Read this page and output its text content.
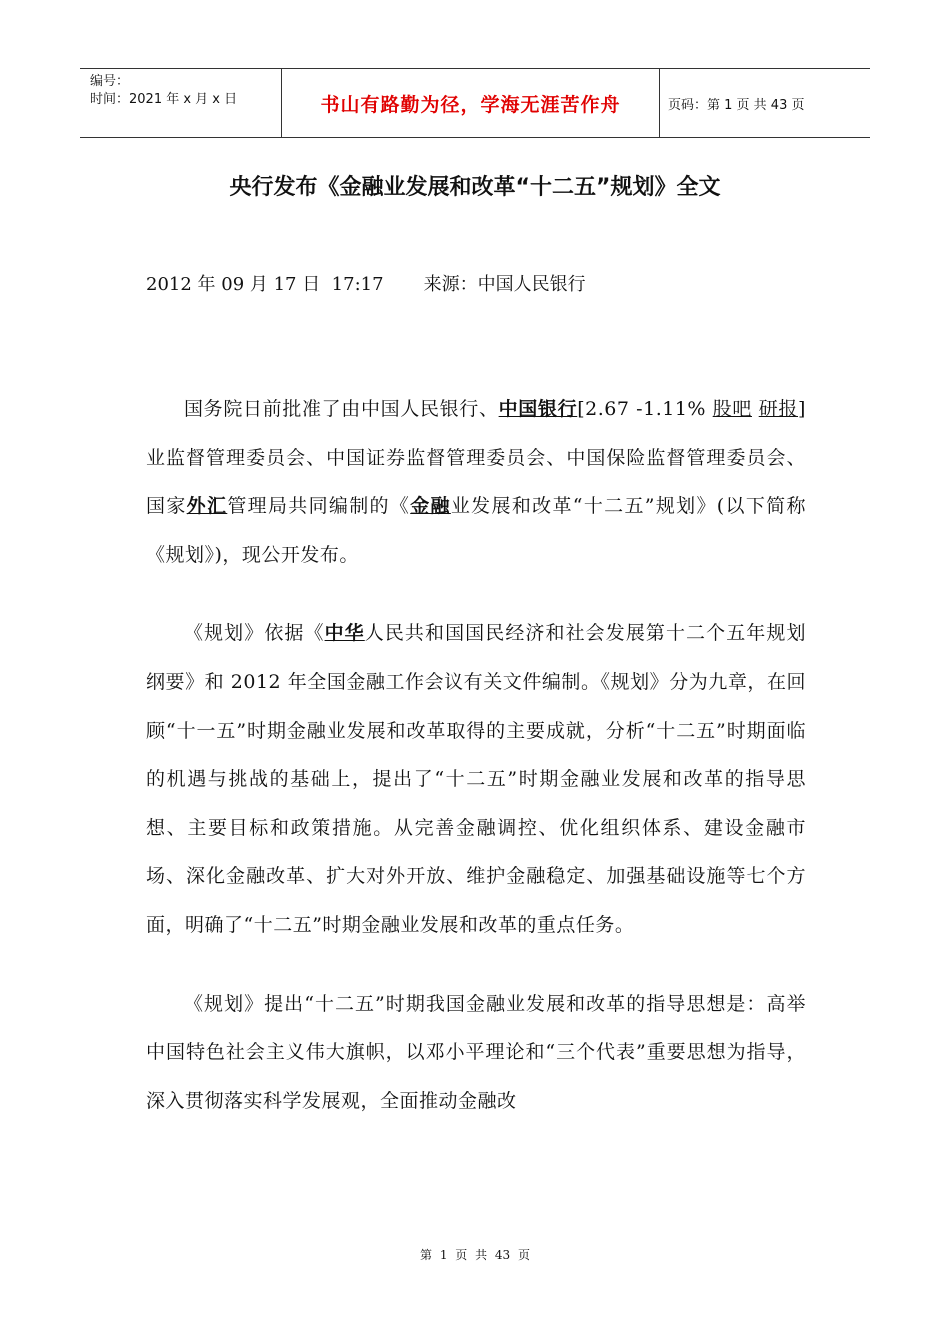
编号：
时间：2021 年 x 月 x 日	书山有路勤为径，学海无涯苦作舟	页码：第 1 页 共 43 页
央行发布《金融业发展和改革“十二五”规划》全文
2012 年 09 月 17 日  17:17       来源：中国人民银行

国务院日前批准了由中国人民银行、中国银行[2.67 -1.11% 股吧 研报]业监督管理委员会、中国证券监督管理委员会、中国保险监督管理委员会、国家外汇管理局共同编制的《金融业发展和改革“十二五”规划》(以下简称《规划》)，现公开发布。

《规划》依据《中华人民共和国国民经济和社会发展第十二个五年规划纲要》和 2012 年全国金融工作会议有关文件编制。《规划》分为九章，在回顾“十一五”时期金融业发展和改革取得的主要成就，分析“十二五”时期面临的机遇与挑战的基础上，提出了“十二五”时期金融业发展和改革的指导思想、主要目标和政策措施。从完善金融调控、优化组织体系、建设金融市场、深化金融改革、扩大对外开放、维护金融稳定、加强基础设施等七个方面，明确了“十二五”时期金融业发展和改革的重点任务。

《规划》提出“十二五”时期我国金融业发展和改革的指导思想是：高举中国特色社会主义伟大旗帜，以邓小平理论和“三个代表”重要思想为指导，深入贯彻落实科学发展观，全面推动金融改

第 1 页 共 43 页
